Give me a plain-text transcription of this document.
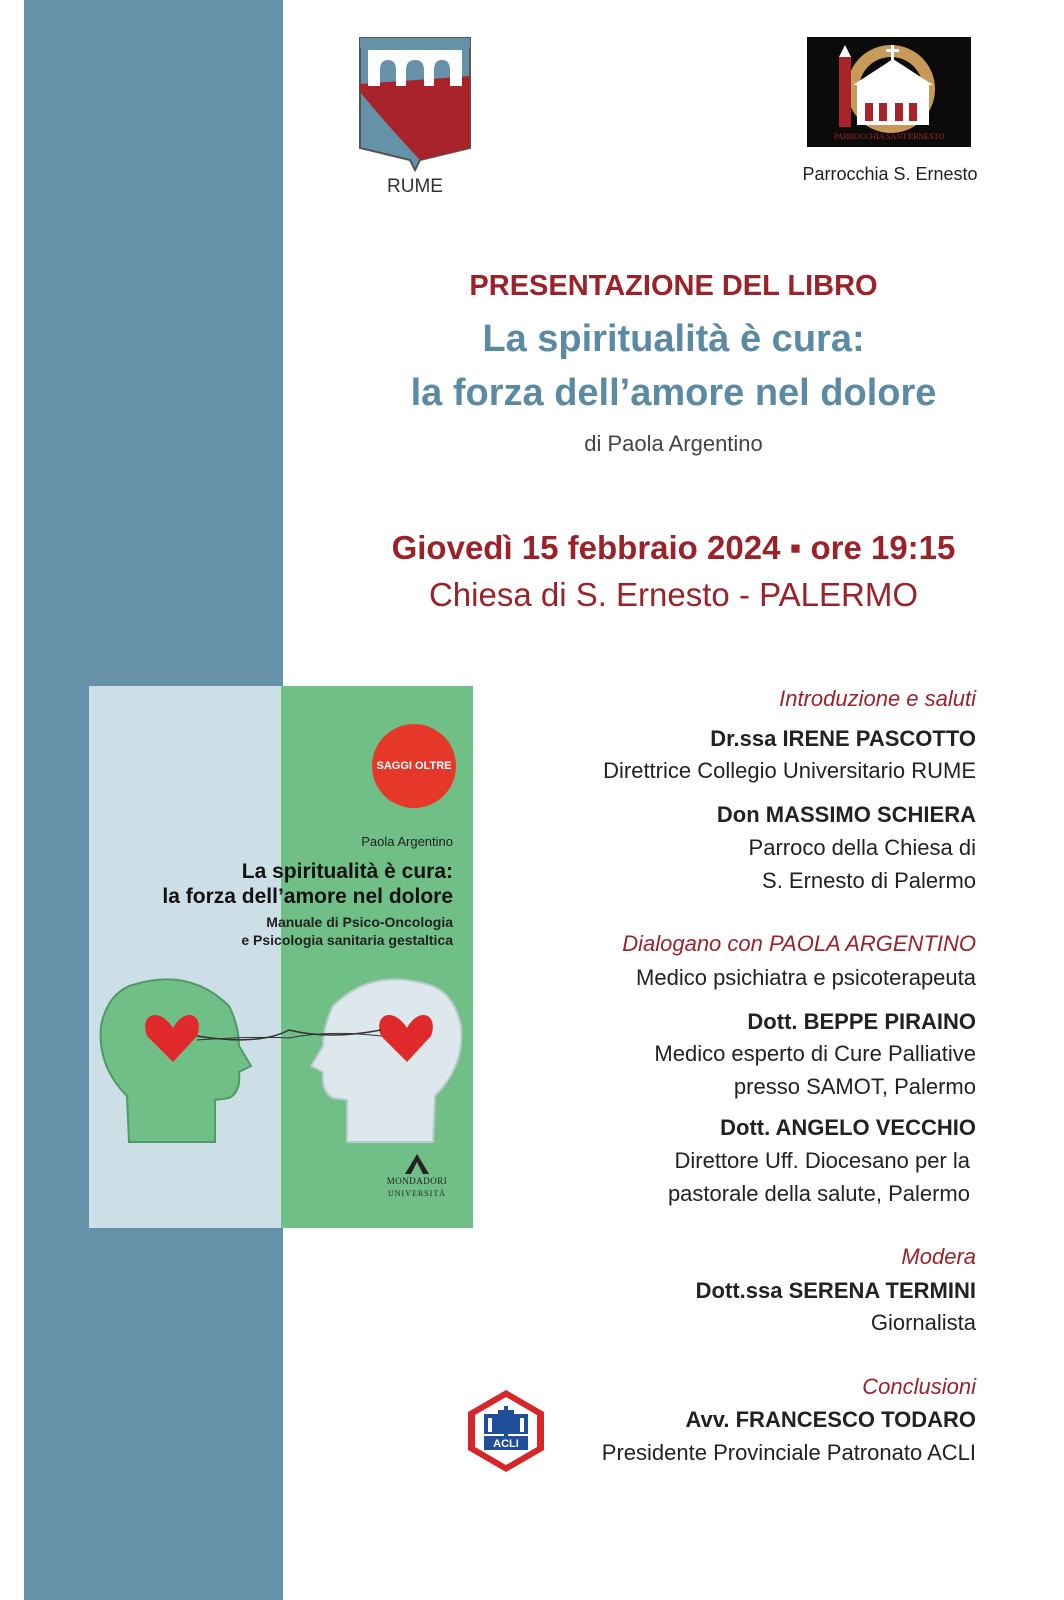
RUME
PARROCCHIA SANT'ERNESTO
Parrocchia S. Ernesto
PRESENTAZIONE DEL LIBRO
La spiritualità è cura:
la forza dell’amore nel dolore
di Paola Argentino
Giovedì 15 febbraio 2024 ▪ ore 19:15
Chiesa di S. Ernesto - PALERMO
SAGGI OLTRE
Paola Argentino
La spiritualità è cura:
la forza dell’amore nel dolore
Manuale di Psico-Oncologia
e Psicologia sanitaria gestaltica
MONDADORI
UNIVERSITÀ
Introduzione e saluti
Dr.ssa IRENE PASCOTTO
Direttrice Collegio Universitario RUME
Don MASSIMO SCHIERA
Parroco della Chiesa di
S. Ernesto di Palermo
Dialogano con PAOLA ARGENTINO
Medico psichiatra e psicoterapeuta
Dott. BEPPE PIRAINO
Medico esperto di Cure Palliative
presso SAMOT, Palermo
Dott. ANGELO VECCHIO
Direttore Uff. Diocesano per la
pastorale della salute, Palermo
Modera
Dott.ssa SERENA TERMINI
Giornalista
Conclusioni
Avv. FRANCESCO TODARO
Presidente Provinciale Patronato ACLI
ACLI
